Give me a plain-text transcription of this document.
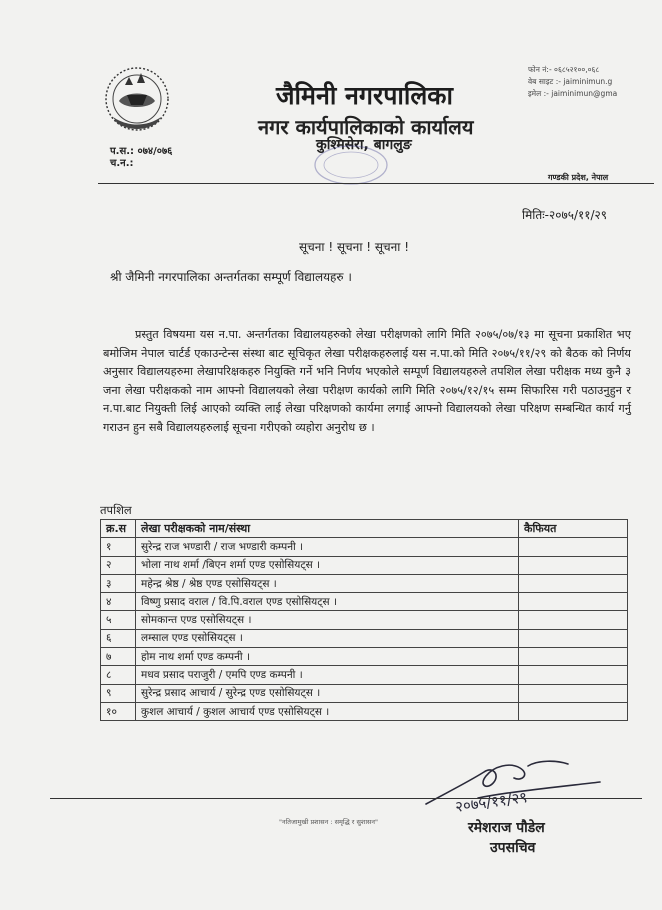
प.स.: ०७४/०७६
च.न.:
जैमिनी नगरपालिका
नगर कार्यपालिकाको कार्यालय
कुश्मिसेरा, बागलुङ
फोन नं:- ०६८५२१००,०६८
वेब साइट :- jaiminimun.g
इमेल :- jaiminimun@gma
गण्डकी प्रदेश, नेपाल
मितिः-२०७५/११/२९
सूचना ! सूचना ! सूचना !
श्री जैमिनी नगरपालिका अन्तर्गतका सम्पूर्ण विद्यालयहरु ।

प्रस्तुत विषयमा यस न.पा. अन्तर्गतका विद्यालयहरुको लेखा परीक्षणको लागि मिति २०७५/०७/१३ मा सूचना प्रकाशित भए बमोजिम नेपाल चार्टर्ड एकाउन्टेन्स संस्था बाट सूचिकृत लेखा परीक्षकहरुलाई यस न.पा.को मिति २०७५/११/२९ को बैठक को निर्णय अनुसार विद्यालयहरुमा लेखापरिक्षकहरु नियुक्ति गर्ने भनि निर्णय भएकोले सम्पूर्ण विद्यालयहरुले तपशिल लेखा परीक्षक मध्य कुनै ३ जना लेखा परीक्षकको नाम आफ्नो विद्यालयको लेखा परीक्षण कार्यको लागि मिति २०७५/१२/१५ सम्म सिफारिस गरी पठाउनुहुन र न.पा.बाट नियुक्ती लिई आएको व्यक्ति लाई लेखा परिक्षणको कार्यमा लगाई आफ्नो विद्यालयको लेखा परिक्षण सम्बन्धित कार्य गर्नु गराउन हुन सबै विद्यालयहरुलाई सूचना गरीएको व्यहोरा अनुरोध छ ।

तपशिल
क्र.स	लेखा परीक्षकको नाम/संस्था	कैफियत
१	सुरेन्द्र राज भण्डारी / राज भण्डारी कम्पनी ।	
२	भोला नाथ शर्मा /बिएन शर्मा एण्ड एसोसियट्स ।	
३	महेन्द्र श्रेष्ठ / श्रेष्ठ एण्ड एसोसियट्स ।	
४	विष्णु प्रसाद वराल / वि.पि.वराल एण्ड एसोसियट्स ।	
५	सोमकान्त एण्ड एसोसियट्स ।	
६	लम्साल एण्ड एसोसियट्स ।	
७	होम नाथ शर्मा एण्ड कम्पनी ।	
८	मधव प्रसाद पराजुरी / एमपि एण्ड कम्पनी ।	
९	सुरेन्द्र प्रसाद आचार्य / सुरेन्द्र एण्ड एसोसियट्स ।	
१०	कुशल आचार्य / कुशल आचार्य एण्ड एसोसियट्स ।	
२०७५/११/२९
"नतिजामुखी प्रशासन : समृद्धि र सुशासन"	रमेशराज पौडेल
उपसचिव
